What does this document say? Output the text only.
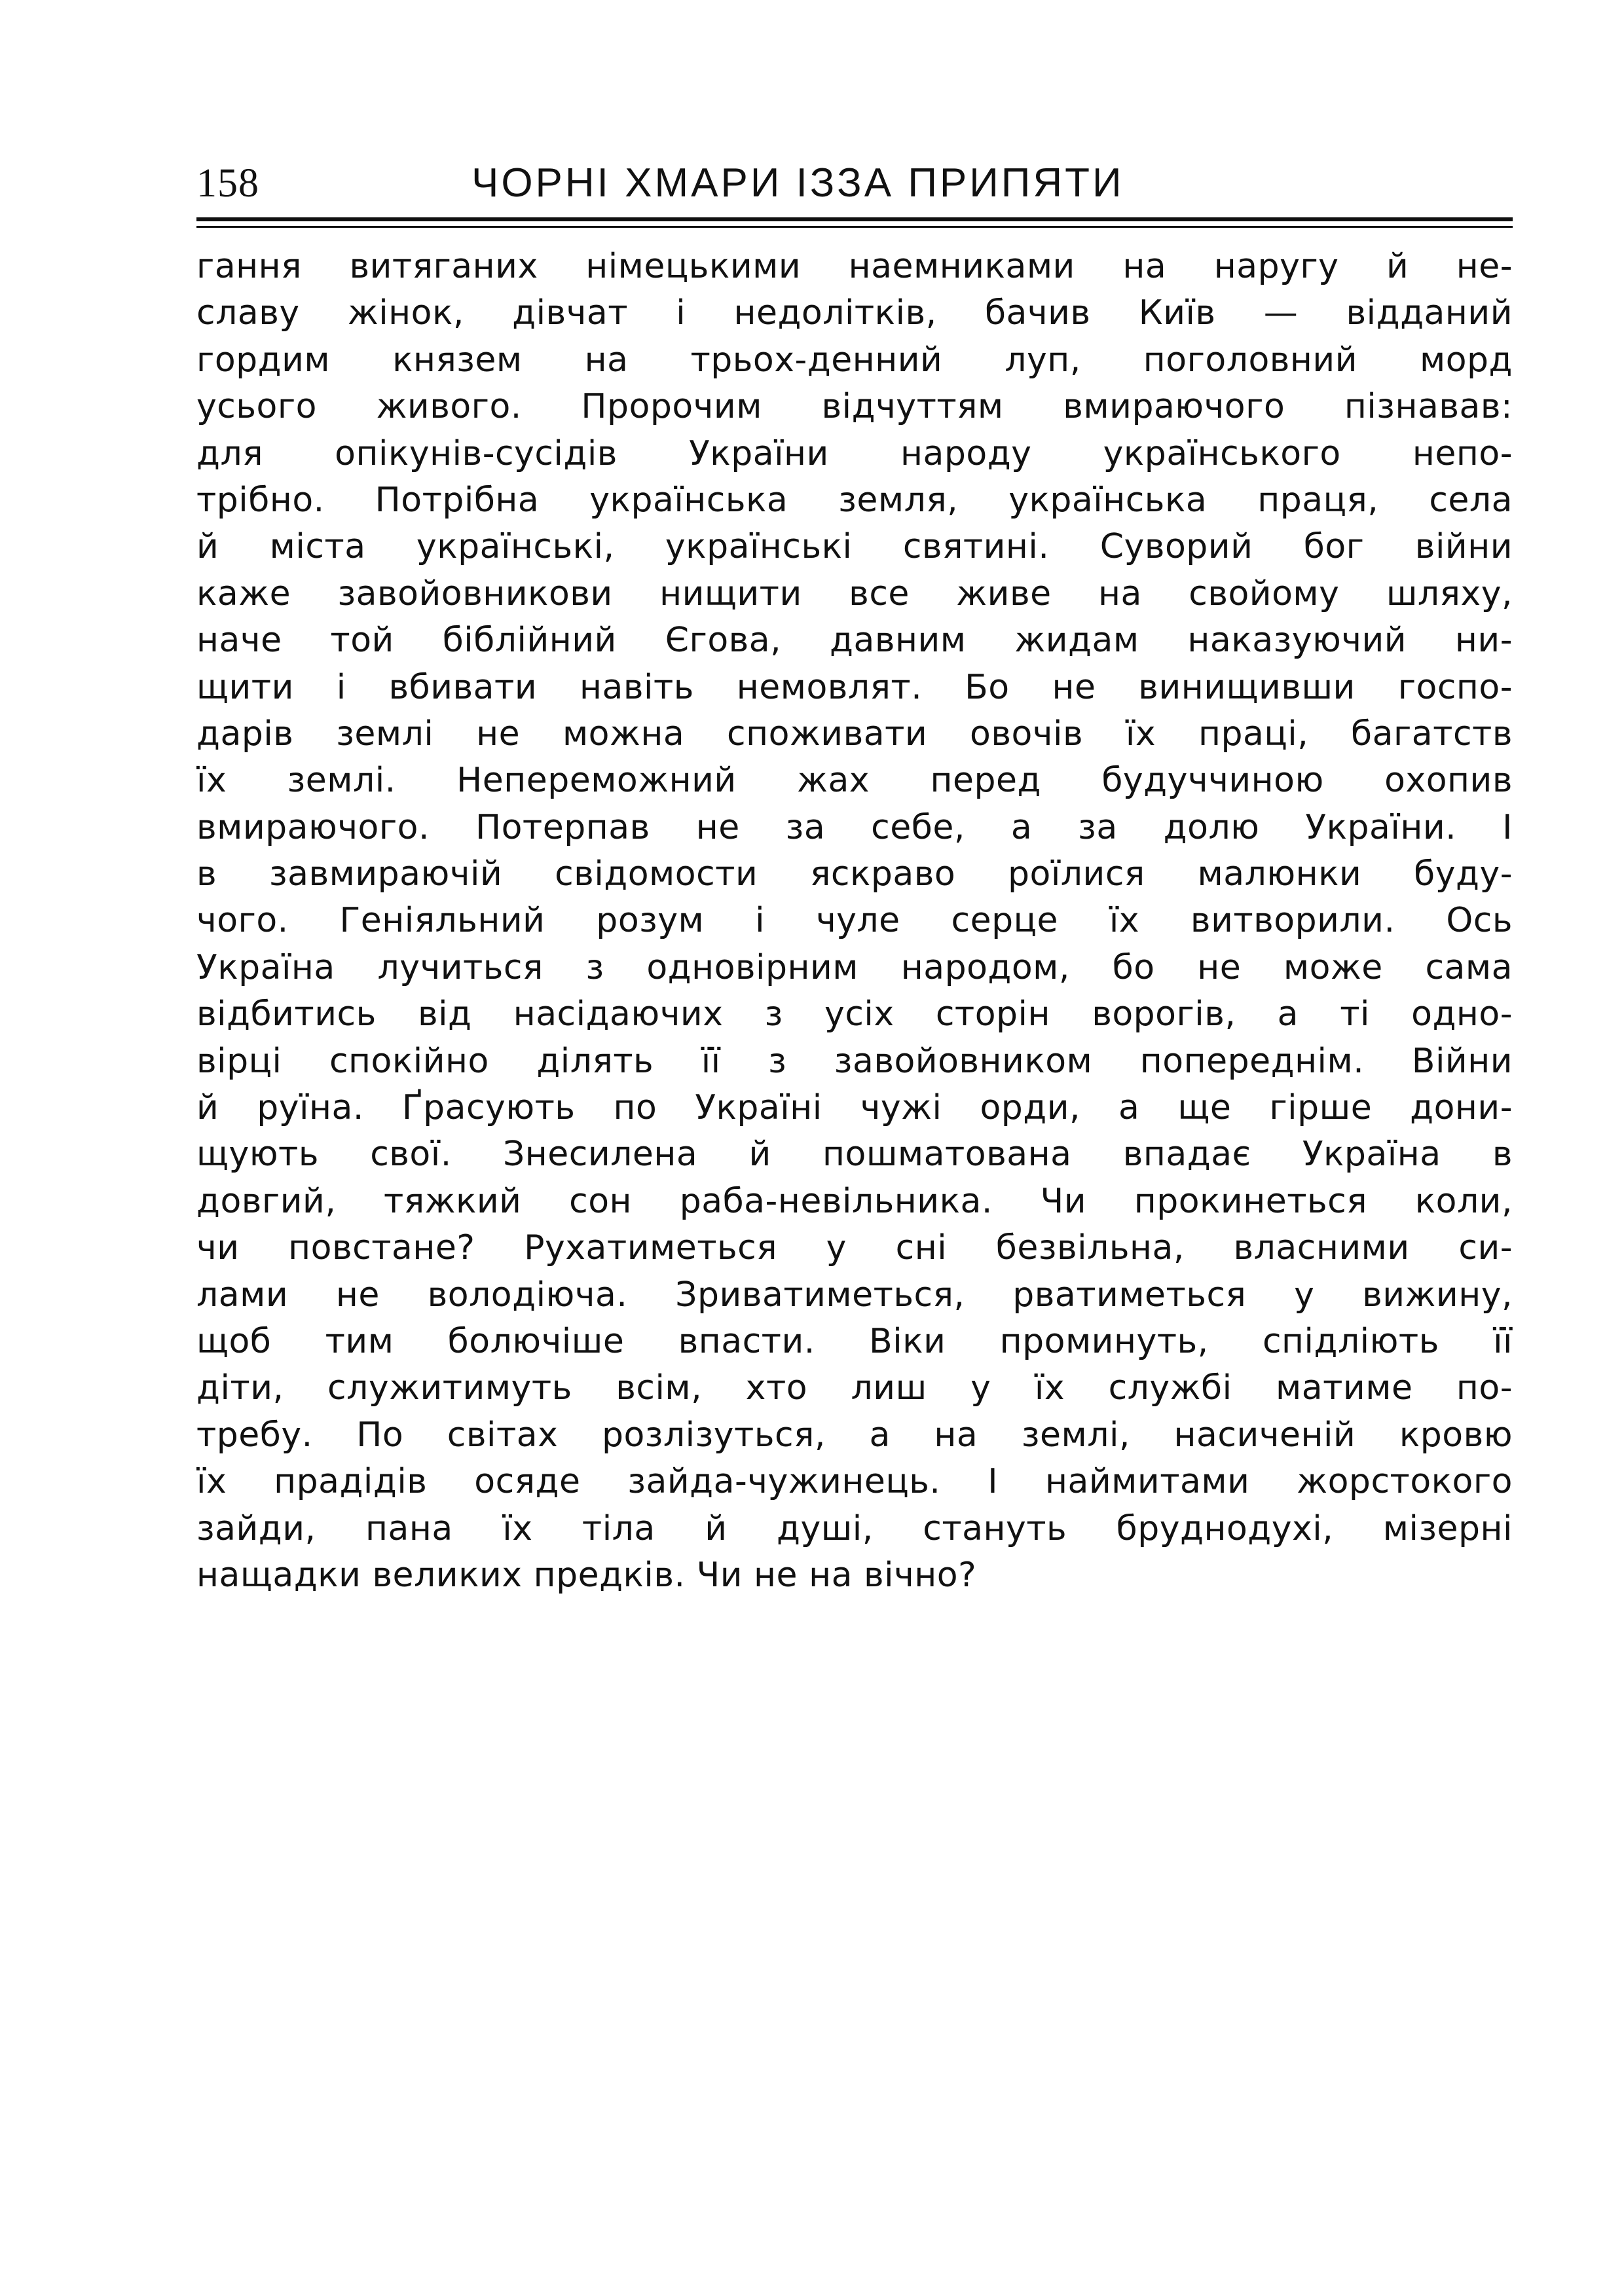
158	ЧОРНІ ХМАРИ ІЗЗА ПРИПЯТИ
гання витяганих німецькими наемниками на наругу й не-
славу жінок, дівчат і недолітків, бачив Київ — відданий
гордим князем на трьох-денний луп, поголовний морд
усього живого. Пророчим відчуттям вмираючого пізнавав:
для опікунів-сусідів України народу українського непо-
трібно. Потрібна українська земля, українська праця, села
й міста українські, українські святині. Суворий бог війни
каже завойовникови нищити все живе на свойому шляху,
наче той біблійний Єгова, давним жидам наказуючий ни-
щити і вбивати навіть немовлят. Бо не винищивши госпо-
дарів землі не можна споживати овочів їх праці, багатств
їх землі. Непереможний жах перед будуччиною охопив
вмираючого. Потерпав не за себе, а за долю України. І
в завмираючій свідомости яскраво роїлися малюнки буду-
чого. Геніяльний розум і чуле серце їх витворили. Ось
Україна лучиться з одновірним народом, бо не може сама
відбитись від насідаючих з усіх сторін ворогів, а ті одно-
вірці спокійно ділять її з завойовником попереднім. Війни
й руїна. Ґрасують по Україні чужі орди, а ще гірше дони-
щують свої. Знесилена й пошматована впадає Україна в
довгий, тяжкий сон раба-невільника. Чи прокинеться коли,
чи повстане? Рухатиметься у сні безвільна, власними си-
лами не володіюча. Зриватиметься, рватиметься у вижину,
щоб тим болючіше впасти. Віки проминуть, спідліють її
діти, служитимуть всім, хто лиш у їх службі матиме по-
требу. По світах розлізуться, а на землі, насиченій кровю
їх прадідів осяде зайда-чужинець. І наймитами жорстокого
зайди, пана їх тіла й душі, стануть бруднодухі, мізерні
нащадки великих предків. Чи не на вічно?
